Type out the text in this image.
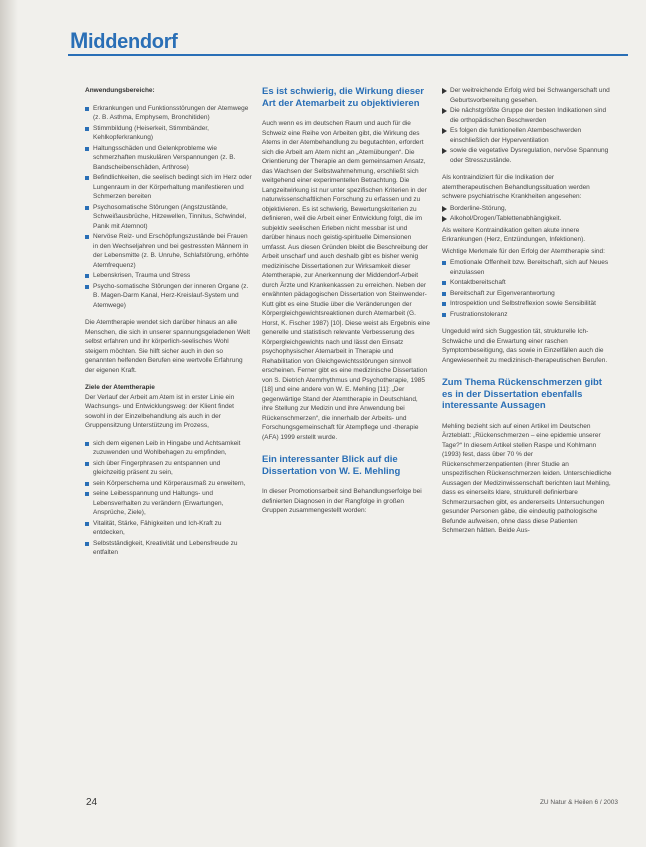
Middendorf

Anwendungsbereiche:

Erkrankungen und Funktionsstörungen der Atemwege (z. B. Asthma, Emphysem, Bronchitiden)
Stimmbildung (Heiserkeit, Stimmbänder, Kehlkopferkrankung)
Haltungsschäden und Gelenkprobleme wie schmerzhaften muskulären Verspannungen (z. B. Bandscheibenschäden, Arthrose)
Befindlichkeiten, die seelisch bedingt sich im Herz oder Lungenraum in der Körperhaltung manifestieren und Schmerzen bereiten
Psychosomatische Störungen (Angstzustände, Schweißausbrüche, Hitzewellen, Tinnitus, Schwindel, Panik mit Atemnot)
Nervöse Reiz- und Erschöpfungszustände bei Frauen in den Wechseljahren und bei gestressten Männern in der Lebensmitte (z. B. Unruhe, Schlafstörung, erhöhte Atemfrequenz)
Lebenskrisen, Trauma und Stress
Psycho-somatische Störungen der inneren Organe (z. B. Magen-Darm Kanal, Herz-Kreislauf-System und Atemwege)

Die Atemtherapie wendet sich darüber hinaus an alle Menschen, die sich in unserer spannungsgeladenen Welt selbst erfahren und ihr körperlich-seelisches Wohl steigern möchten. Sie hilft sicher auch in den so genannten helfenden Berufen eine wertvolle Erfahrung der eigenen Kraft.

Ziele der Atemtherapie

Der Verlauf der Arbeit am Atem ist in erster Linie ein Wachsungs- und Entwicklungsweg: der Klient findet sowohl in der Einzelbehandlung als auch in der Gruppensitzung Unterstützung im Prozess,

sich dem eigenen Leib in Hingabe und Achtsamkeit zuzuwenden und Wohlbehagen zu empfinden,
sich über Fingerphrasen zu entspannen und gleichzeitig präsent zu sein,
sein Körperschema und Körperausmaß zu erweitern,
seine Leibesspannung und Haltungs- und Lebensverhalten zu verändern (Erwartungen, Ansprüche, Ziele),
Vitalität, Stärke, Fähigkeiten und Ich-Kraft zu entdecken,
Selbstständigkeit, Kreativität und Lebensfreude zu entfalten
Es ist schwierig, die Wirkung dieser Art der Atemarbeit zu objektivieren

Auch wenn es im deutschen Raum und auch für die Schweiz eine Reihe von Arbeiten gibt, die Wirkung des Atems in der Atembehandlung zu begutachten, erfordert sich die Arbeit am Atem nicht an „Atemübungen“. Die Orientierung der Therapie an dem gemeinsamen Ansatz, das Wachsen der Selbstwahrnehmung, erschließt sich weitgehend einer experimentellen Betrachtung. Die Langzeitwirkung ist nur unter spezifischen Kriterien in der naturwissenschaftlichen Forschung zu erfassen und zu objektivieren. Es ist schwierig, Bewertungskriterien zu definieren, weil die Arbeit einer Entwicklung folgt, die im subjektiv seelischen Erleben nicht messbar ist und darüber hinaus noch geistig-spirituelle Dimensionen umfasst. Aus diesen Gründen bleibt die Beschreibung der Arbeit unscharf und auch deshalb gibt es bisher wenig medizinische Dissertationen zur Wirksamkeit dieser Atemtherapie, zur Anerkennung der Middendorf-Arbeit durch Ärzte und Krankenkassen zu erreichen. Neben der erwähnten pädagogischen Dissertation von Steinwender-Kutt gibt es eine Studie über die Veränderungen der Körpergleichgewichtsreaktionen durch Atemarbeit (G. Horst, K. Fischer 1987) [10]. Diese weist als Ergebnis eine generelle und statistisch relevante Verbesserung des Körpergleichgewichts nach und lässt den Einsatz psychophysischer Atemarbeit in Therapie und Rehabilitation von Gleichgewichtsstörungen sinnvoll erscheinen. Ferner gibt es eine medizinische Dissertation von S. Dietrich Atemrhythmus und Psychotherapie, 1985 [18] und eine andere von W. E. Mehling [11]: „Der gegenwärtige Stand der Atemtherapie in Deutschland, ihre Stellung zur Medizin und ihre Anwendung bei Rückenschmerzen“, die innerhalb der Arbeits- und Forschungsgemeinschaft für Atempflege und -therapie (AFA) 1999 erstellt wurde.

Ein interessanter Blick auf die Dissertation von W. E. Mehling

In dieser Promotionsarbeit sind Behandlungserfolge bei definierten Diagnosen in der Rangfolge in großen Gruppen zusammengestellt worden:

Der weitreichende Erfolg wird bei Schwangerschaft und Geburtsvorbereitung gesehen.
Die nächstgrößte Gruppe der besten Indikationen sind die orthopädischen Beschwerden
Es folgen die funktionellen Atembeschwerden einschließlich der Hyperventilation
sowie die vegetative Dysregulation, nervöse Spannung oder Stresszustände.

Als kontraindiziert für die Indikation der atemtherapeutischen Behandlungssituation werden schwere psychiatrische Krankheiten angesehen:

Borderline-Störung,
Alkohol/Drogen/Tablettenabhängigkeit.

Als weitere Kontraindikation gelten akute innere Erkrankungen (Herz, Entzündungen, Infektionen).

Wichtige Merkmale für den Erfolg der Atemtherapie sind:

Emotionale Offenheit bzw. Bereitschaft, sich auf Neues einzulassen
Kontaktbereitschaft
Bereitschaft zur Eigenverantwortung
Introspektion und Selbstreflexion sowie Sensibilität
Frustrationstoleranz

Ungeduld wird sich Suggestion tät, strukturelle Ich-Schwäche und die Erwartung einer raschen Symptombeseitigung, das sowie in Einzelfällen auch die Angewiesenheit zu medizinisch-therapeutischen Berufen.

Zum Thema Rückenschmerzen gibt es in der Dissertation ebenfalls interessante Aussagen

Mehling bezieht sich auf einen Artikel im Deutschen Ärzteblatt: „Rückenschmerzen – eine epidemie unserer Tage?“ In diesem Artikel stellen Raspe und Kohlmann (1993) fest, dass über 70 % der Rückenschmerzenpatienten (ihrer Studie an unspezifischen Rückenschmerzen leiden. Unterschiedliche Aussagen der Medizinwissenschaft berichten laut Mehling, dass es einerseits klare, strukturell definierbare Schmerzursachen gibt, es andererseits Untersuchungen gesunder Personen gäbe, die eindeutig pathologische Befunde aufweisen, ohne dass diese Patienten Schmerzen hätten. Beide Aus-

24	ZU Natur & Heilen 6 / 2003
